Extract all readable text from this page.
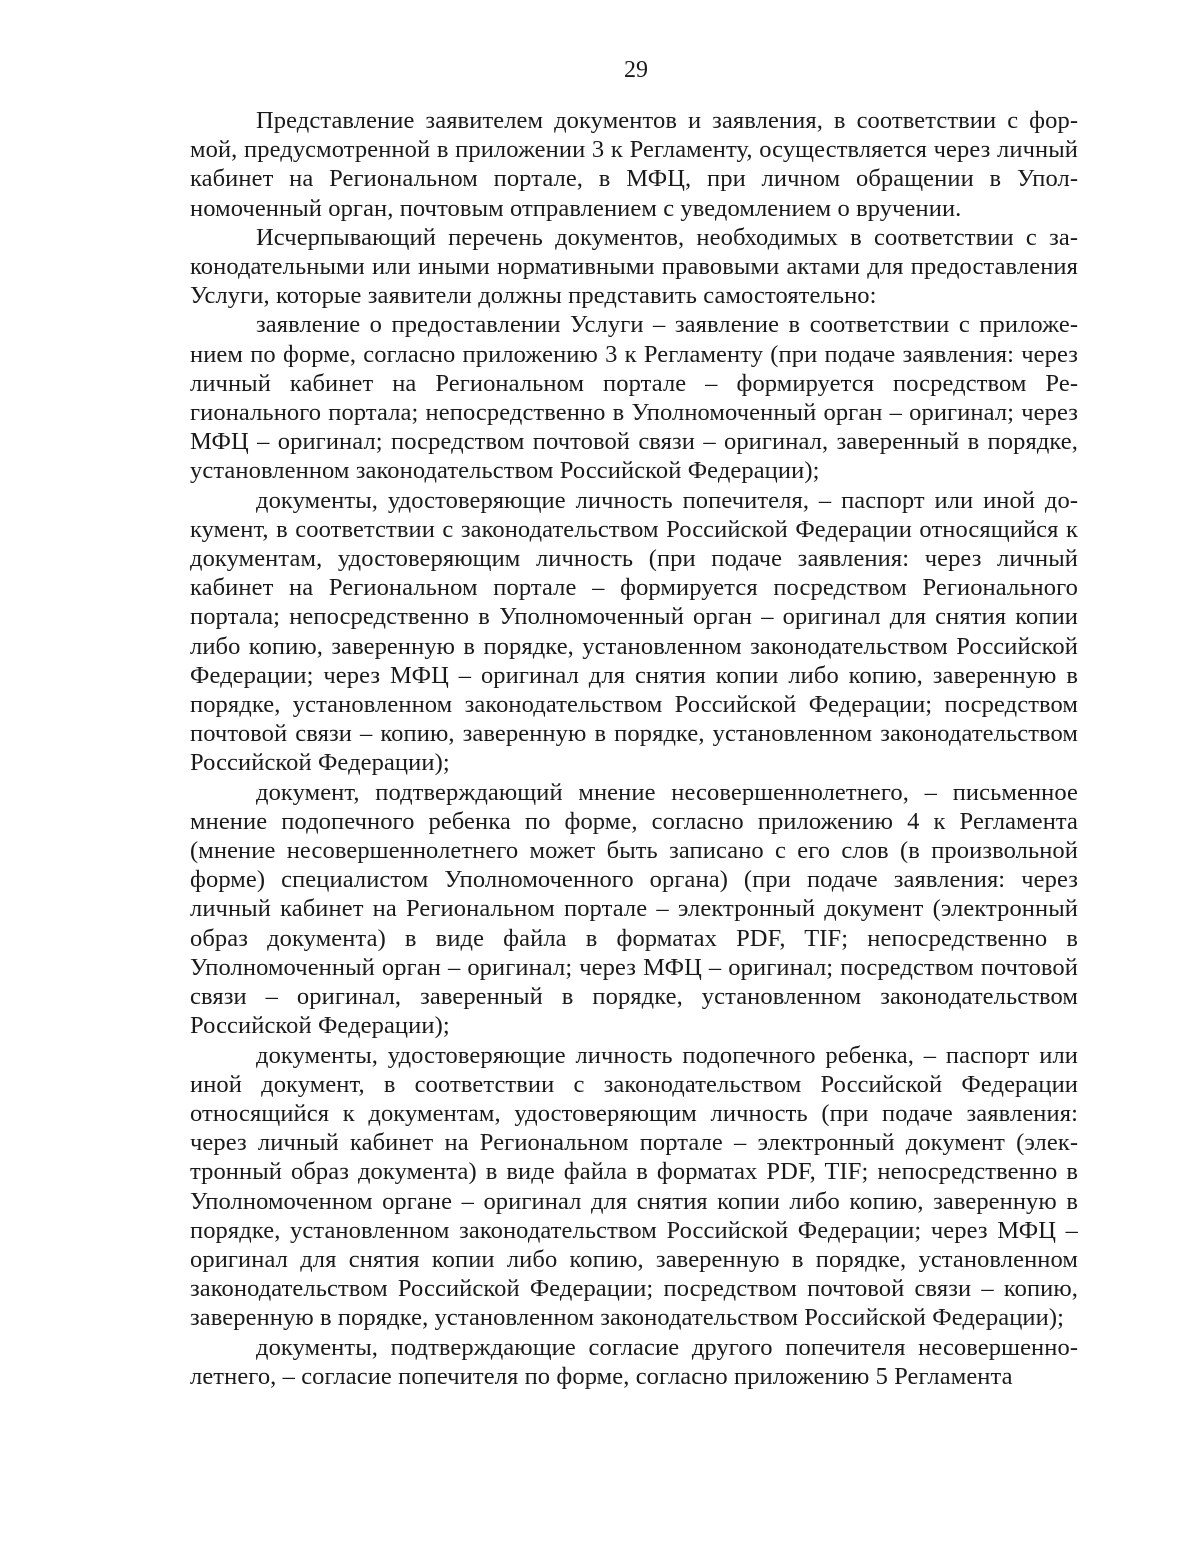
29

Представление заявителем документов и заявления, в соответствии с формой, предусмотренной в приложении 3 к Регламенту, осуществляется через личный кабинет на Региональном портале, в МФЦ, при личном обращении в Уполномоченный орган, почтовым отправлением с уведомлением о вручении.

Исчерпывающий перечень документов, необходимых в соответствии с законодательными или иными нормативными правовыми актами для предоставления Услуги, которые заявители должны представить самостоятельно:

заявление о предоставлении Услуги – заявление в соответствии с приложением по форме, согласно приложению 3 к Регламенту (при подаче заявления: через личный кабинет на Региональном портале – формируется посредством Регионального портала; непосредственно в Уполномоченный орган – оригинал; через МФЦ – оригинал; посредством почтовой связи – оригинал, заверенный в порядке, установленном законодательством Российской Федерации);

документы, удостоверяющие личность попечителя, – паспорт или иной документ, в соответствии с законодательством Российской Федерации относящийся к документам, удостоверяющим личность (при подаче заявления: через личный кабинет на Региональном портале – формируется посредством Регионального портала; непосредственно в Уполномоченный орган – оригинал для снятия копии либо копию, заверенную в порядке, установленном законодательством Российской Федерации; через МФЦ – оригинал для снятия копии либо копию, заверенную в порядке, установленном законодательством Российской Федерации; посредством почтовой связи – копию, заверенную в порядке, установленном законодательством Российской Федерации);

документ, подтверждающий мнение несовершеннолетнего, – письменное мнение подопечного ребенка по форме, согласно приложению 4 к Регламента (мнение несовершеннолетнего может быть записано с его слов (в произвольной форме) специалистом Уполномоченного органа) (при подаче заявления: через личный кабинет на Региональном портале – электронный документ (электронный образ документа) в виде файла в форматах PDF, TIF; непосредственно в Уполномоченный орган – оригинал; через МФЦ – оригинал; посредством почтовой связи – оригинал, заверенный в порядке, установленном законодательством Российской Федерации);

документы, удостоверяющие личность подопечного ребенка, – паспорт или иной документ, в соответствии с законодательством Российской Федерации относящийся к документам, удостоверяющим личность (при подаче заявления: через личный кабинет на Региональном портале – электронный документ (электронный образ документа) в виде файла в форматах PDF, TIF; непосредственно в Уполномоченном органе – оригинал для снятия копии либо копию, заверенную в порядке, установленном законодательством Российской Федерации; через МФЦ – оригинал для снятия копии либо копию, заверенную в порядке, установленном законодательством Российской Федерации; посредством почтовой связи – копию, заверенную в порядке, установленном законодательством Российской Федерации);

документы, подтверждающие согласие другого попечителя несовершеннолетнего, – согласие попечителя по форме, согласно приложению 5 Регламента
